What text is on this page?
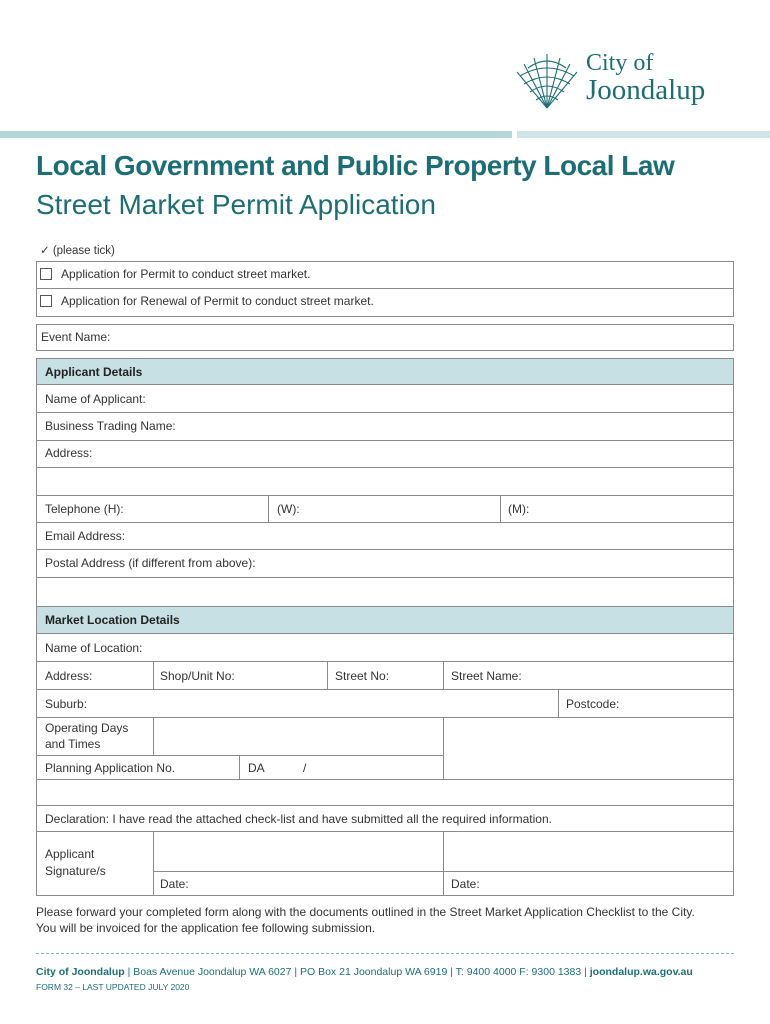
City of
Joondalup
Local Government and Public Property Local Law
Street Market Permit Application
✓ (please tick)
Application for Permit to conduct street market.
Application for Renewal of Permit to conduct street market.
Event Name:
Applicant Details
Name of Applicant:
Business Trading Name:
Address:
Telephone (H):	(W):	(M):
Email Address:
Postal Address (if different from above):
Market Location Details
Name of Location:
Address:	Shop/Unit No:	Street No:	Street Name:
Suburb:	Postcode:
Operating Days
and Times
Planning Application No.	DA	/
Declaration: I have read the attached check-list and have submitted all the required information.
Applicant
Signature/s
Date:	Date:
Please forward your completed form along with the documents outlined in the Street Market Application Checklist to the City.
You will be invoiced for the application fee following submission.
City of Joondalup | Boas Avenue Joondalup WA 6027 | PO Box 21 Joondalup WA 6919 | T: 9400 4000 F: 9300 1383 | joondalup.wa.gov.au
FORM 32 – LAST UPDATED JULY 2020
